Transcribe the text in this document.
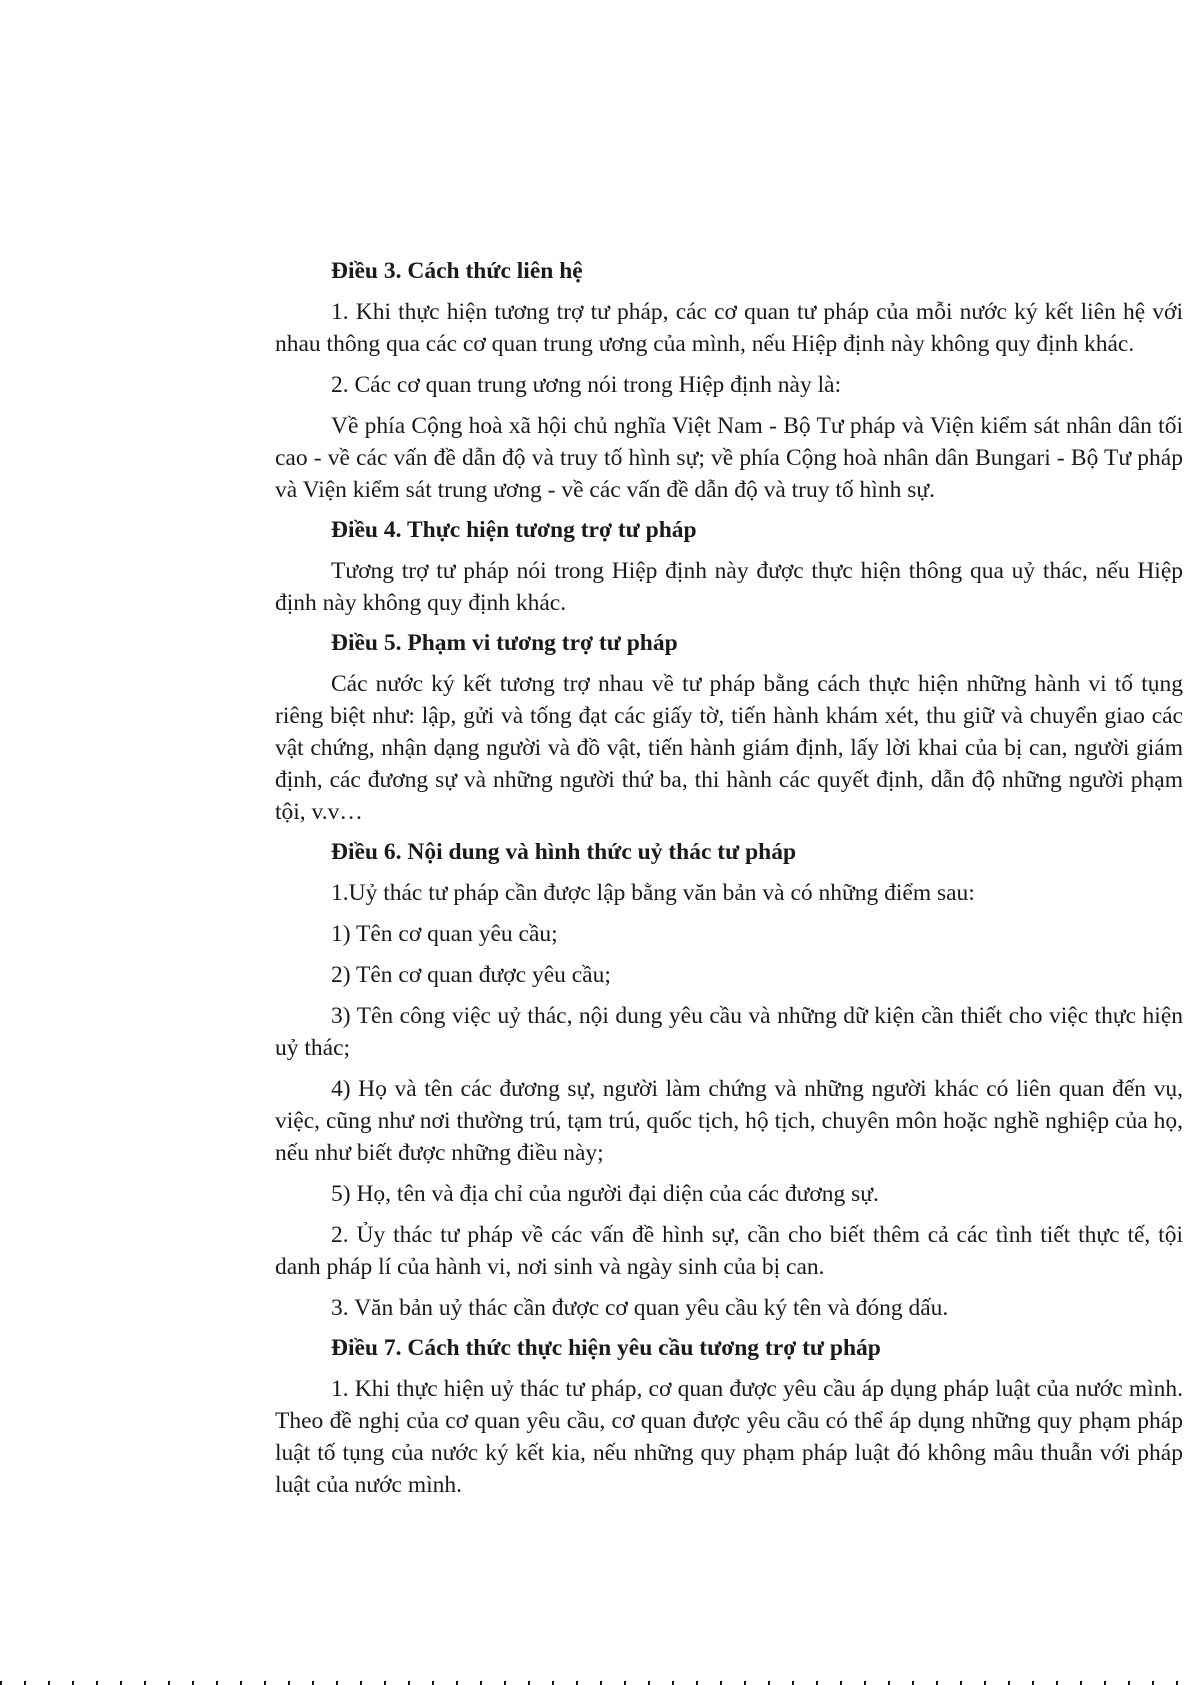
Điều 3. Cách thức liên hệ
1. Khi thực hiện tương trợ tư pháp, các cơ quan tư pháp của mỗi nước ký kết liên hệ với nhau thông qua các cơ quan trung ương của mình, nếu Hiệp định này không quy định khác.
2. Các cơ quan trung ương nói trong Hiệp định này là:
Về phía Cộng hoà xã hội chủ nghĩa Việt Nam - Bộ Tư pháp và Viện kiểm sát nhân dân tối cao - về các vấn đề dẫn độ và truy tố hình sự; về phía Cộng hoà nhân dân Bungari - Bộ Tư pháp và Viện kiểm sát trung ương - về các vấn đề dẫn độ và truy tố hình sự.
Điều 4. Thực hiện tương trợ tư pháp
Tương trợ tư pháp nói trong Hiệp định này được thực hiện thông qua uỷ thác, nếu Hiệp định này không quy định khác.
Điều 5. Phạm vi tương trợ tư pháp
Các nước ký kết tương trợ nhau về tư pháp bằng cách thực hiện những hành vi tố tụng riêng biệt như: lập, gửi và tống đạt các giấy tờ, tiến hành khám xét, thu giữ và chuyển giao các vật chứng, nhận dạng người và đồ vật, tiến hành giám định, lấy lời khai của bị can, người giám định, các đương sự và những người thứ ba, thi hành các quyết định, dẫn độ những người phạm tội, v.v…
Điều 6. Nội dung và hình thức uỷ thác tư pháp
1.Uỷ thác tư pháp cần được lập bằng văn bản và có những điểm sau:
1) Tên cơ quan yêu cầu;
2) Tên cơ quan được yêu cầu;
3) Tên công việc uỷ thác, nội dung yêu cầu và những dữ kiện cần thiết cho việc thực hiện uỷ thác;
4) Họ và tên các đương sự, người làm chứng và những người khác có liên quan đến vụ, việc, cũng như nơi thường trú, tạm trú, quốc tịch, hộ tịch, chuyên môn hoặc nghề nghiệp của họ, nếu như biết được những điều này;
5) Họ, tên và địa chỉ của người đại diện của các đương sự.
2. Ủy thác tư pháp về các vấn đề hình sự, cần cho biết thêm cả các tình tiết thực tế, tội danh pháp lí của hành vi, nơi sinh và ngày sinh của bị can.
3. Văn bản uỷ thác cần được cơ quan yêu cầu ký tên và đóng dấu.
Điều 7. Cách thức thực hiện yêu cầu tương trợ tư pháp
1. Khi thực hiện uỷ thác tư pháp, cơ quan được yêu cầu áp dụng pháp luật của nước mình. Theo đề nghị của cơ quan yêu cầu, cơ quan được yêu cầu có thể áp dụng những quy phạm pháp luật tố tụng của nước ký kết kia, nếu những quy phạm pháp luật đó không mâu thuẫn với pháp luật của nước mình.
